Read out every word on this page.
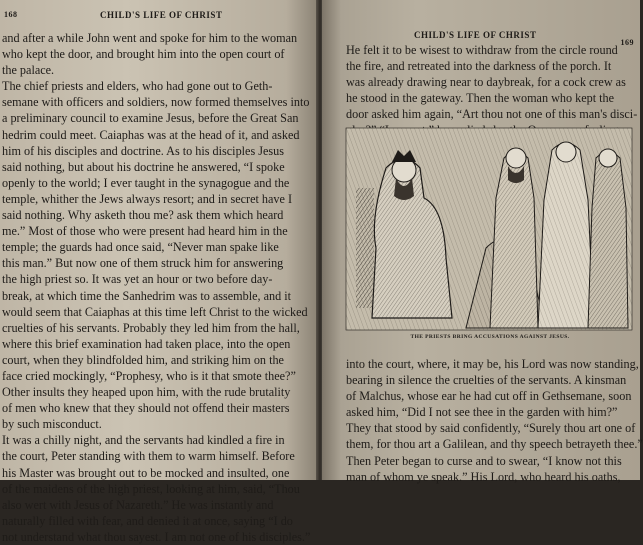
168	CHILD'S LIFE OF CHRIST
and after a while John went and spoke for him to the woman
who kept the door, and brought him into the open court of
the palace.
The chief priests and elders, who had gone out to Geth-
semane with officers and soldiers, now formed themselves into
a preliminary council to examine Jesus, before the Great San
hedrim could meet. Caiaphas was at the head of it, and asked
him of his disciples and doctrine. As to his disciples Jesus
said nothing, but about his doctrine he answered, “I spoke
openly to the world; I ever taught in the synagogue and the
temple, whither the Jews always resort; and in secret have I
said nothing. Why asketh thou me? ask them which heard
me.” Most of those who were present had heard him in the
temple; the guards had once said, “Never man spake like
this man.” But now one of them struck him for answering
the high priest so. It was yet an hour or two before day-
break, at which time the Sanhedrim was to assemble, and it
would seem that Caiaphas at this time left Christ to the wicked
cruelties of his servants. Probably they led him from the hall,
where this brief examination had taken place, into the open
court, when they blindfolded him, and striking him on the
face cried mockingly, “Prophesy, who is it that smote thee?”
Other insults they heaped upon him, with the rude brutality
of men who knew that they should not offend their masters
by such misconduct.
It was a chilly night, and the servants had kindled a fire in
the court, Peter standing with them to warm himself. Before
his Master was brought out to be mocked and insulted, one
of the maidens of the high priest, looking at him, said, “Thou
also wert with Jesus of Nazareth.” He was instantly and
naturally filled with fear, and denied it at once, saying “I do
not understand what thou sayest. I am not one of his disciples.”
CHILD'S LIFE OF CHRIST
169
He felt it to be wisest to withdraw from the circle round
the fire, and retreated into the darkness of the porch. It
was already drawing near to daybreak, for a cock crew as
he stood in the gateway. Then the woman who kept the
door asked him again, “Art thou not one of this man's disci-
THE PRIESTS BRING ACCUSATIONS AGAINST JESUS.
into the court, where, it may be, his Lord was now standing,
bearing in silence the cruelties of the servants. A kinsman
of Malchus, whose ear he had cut off in Gethsemane, soon
asked him, “Did I not see thee in the garden with him?”
They that stood by said confidently, “Surely thou art one of
them, for thou art a Galilean, and thy speech betrayeth thee.”
Then Peter began to curse and to swear, “I know not this
man of whom ye speak.” His Lord, who heard his oaths,
